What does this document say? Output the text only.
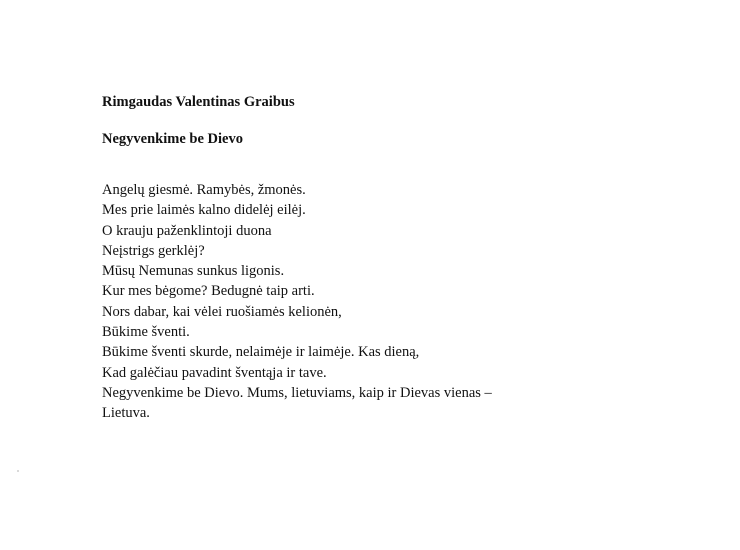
Rimgaudas Valentinas Graibus
Negyvenkime be Dievo
Angelų giesmė. Ramybės, žmonės.
Mes prie laimės kalno didelėj eilėj.
O krauju paženklintoji duona
Neįstrigs gerklėj?
Mūsų Nemunas sunkus ligonis.
Kur mes bėgome? Bedugnė taip arti.
Nors dabar, kai vėlei ruošiamės kelionėn,
Būkime šventi.
Būkime šventi skurde, nelaimėje ir laimėje. Kas dieną,
Kad galėčiau pavadint šventąja ir tave.
Negyvenkime be Dievo. Mums, lietuviams, kaip ir Dievas vienas –
Lietuva.
